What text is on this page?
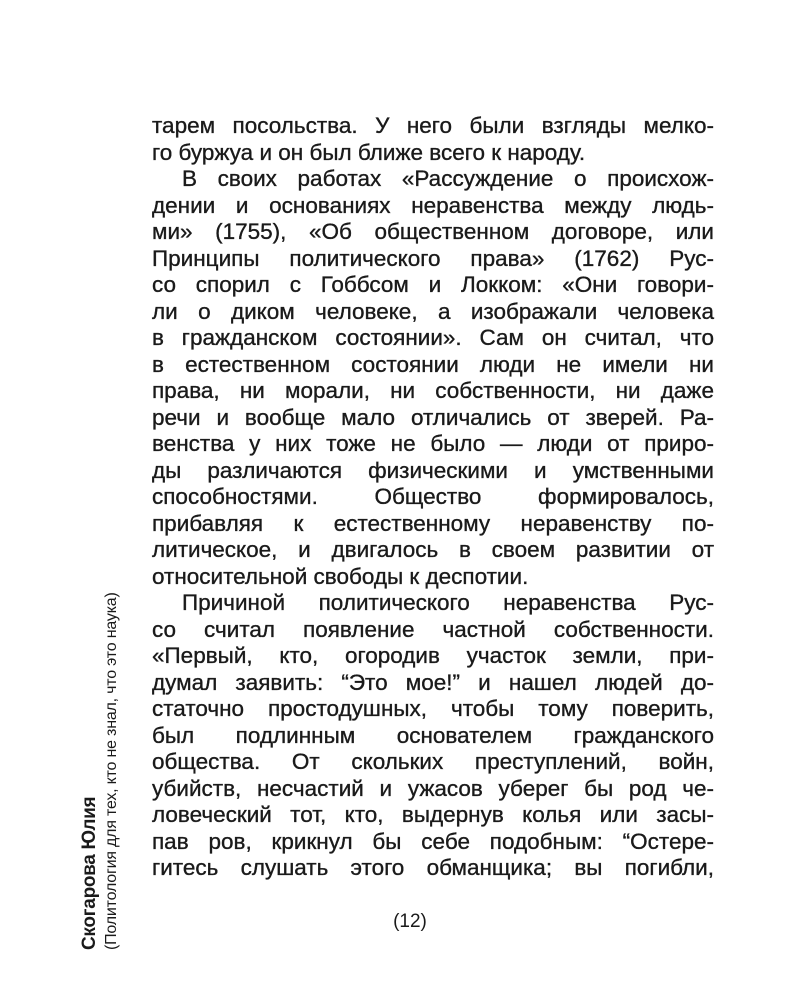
Скогарова Юлия (Политология для тех, кто не знал, что это наука)
тарем посольства. У него были взгляды мелко-
го буржуа и он был ближе всего к народу.
В своих работах «Рассуждение о происхож-
дении и основаниях неравенства между людь-
ми» (1755), «Об общественном договоре, или
Принципы политического права» (1762) Рус-
со спорил с Гоббсом и Локком: «Они говори-
ли о диком человеке, а изображали человека
в гражданском состоянии». Сам он считал, что
в естественном состоянии люди не имели ни
права, ни морали, ни собственности, ни даже
речи и вообще мало отличались от зверей. Ра-
венства у них тоже не было — люди от приро-
ды различаются физическими и умственными
способностями. Общество формировалось,
прибавляя к естественному неравенству по-
литическое, и двигалось в своем развитии от
относительной свободы к деспотии.
Причиной политического неравенства Рус-
со считал появление частной собственности.
«Первый, кто, огородив участок земли, при-
думал заявить: “Это мое!” и нашел людей до-
статочно простодушных, чтобы тому поверить,
был подлинным основателем гражданского
общества. От скольких преступлений, войн,
убийств, несчастий и ужасов уберег бы род че-
ловеческий тот, кто, выдернув колья или засы-
пав ров, крикнул бы себе подобным: “Остере-
гитесь слушать этого обманщика; вы погибли,
(12)
